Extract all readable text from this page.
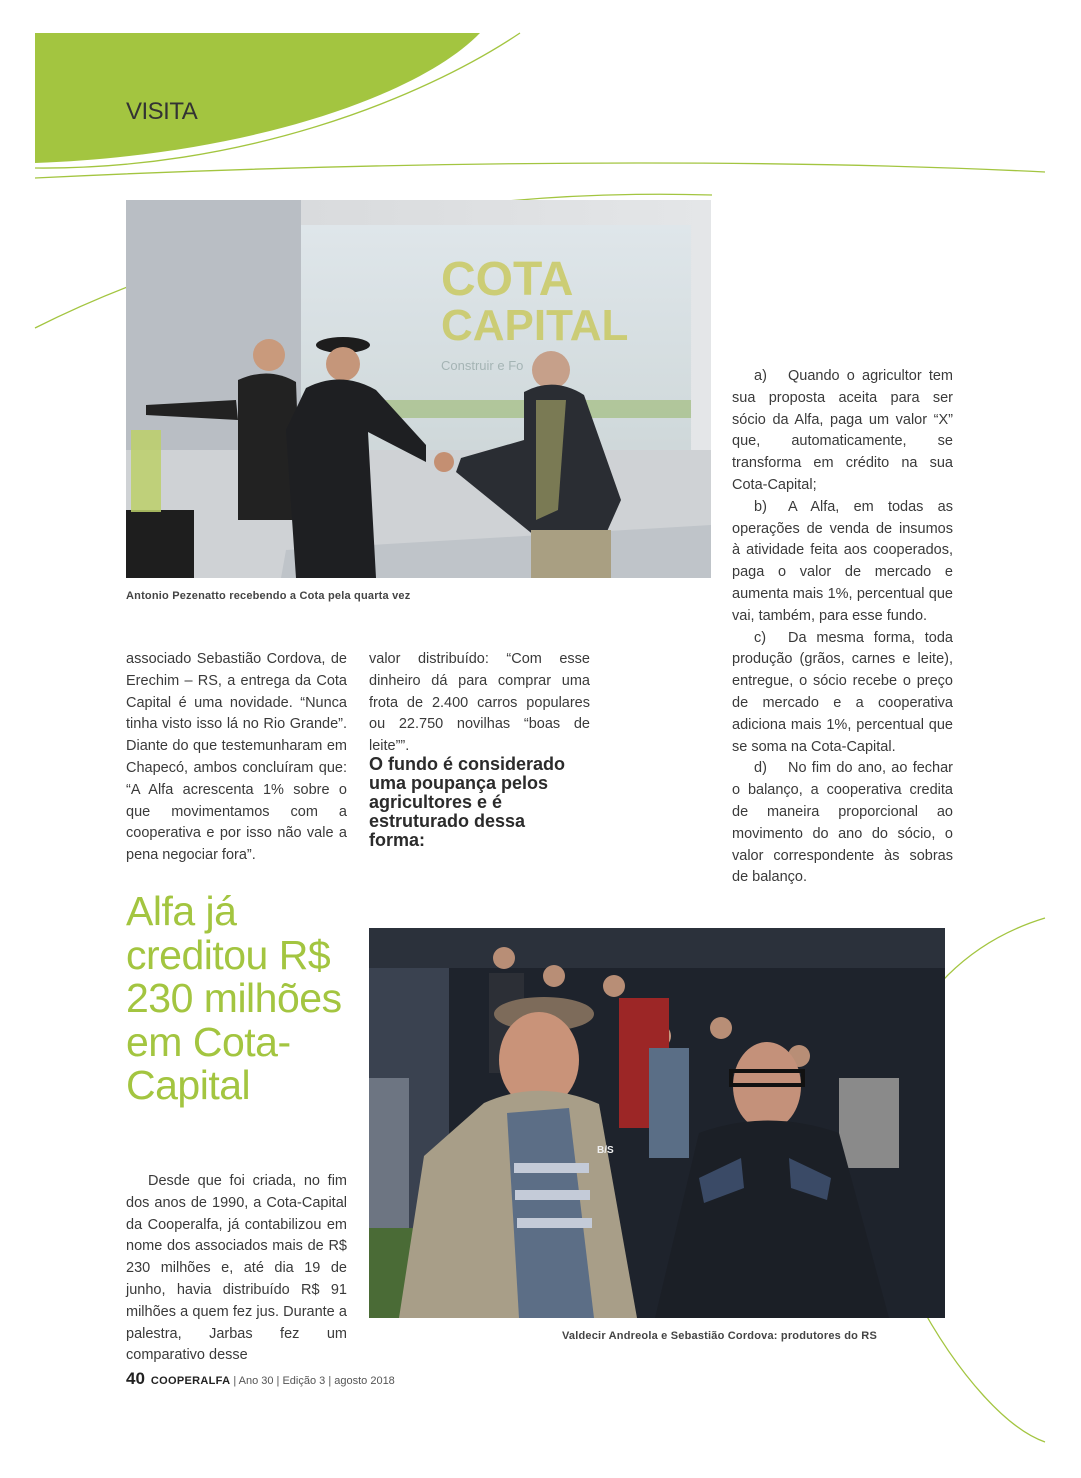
VISITA
COTA
CAPITAL
Construir e Fo
Antonio Pezenatto recebendo a Cota pela quarta vez

associado Sebastião Cordova, de Erechim – RS, a entrega da Cota Capital é uma novidade. “Nunca tinha visto isso lá no Rio Grande”. Diante do que testemunharam em Chapecó, ambos concluíram que: “A Alfa acrescenta 1% sobre o que movimentamos com a cooperativa e por isso não vale a pena negociar fora”.

valor distribuído: “Com esse dinheiro dá para comprar uma frota de 2.400 carros populares ou 22.750 novilhas “boas de leite””.

O fundo é considerado uma poupança pelos agricultores e é estruturado dessa forma:

a) Quando o agricultor tem sua proposta aceita para ser sócio da Alfa, paga um valor “X” que, automaticamente, se transforma em crédito na sua Cota-Capital;

b) A Alfa, em todas as operações de venda de insumos à atividade feita aos cooperados, paga o valor de mercado e aumenta mais 1%, percentual que vai, também, para esse fundo.

c) Da mesma forma, toda produção (grãos, carnes e leite), entregue, o sócio recebe o preço de mercado e a cooperativa adiciona mais 1%, percentual que se soma na Cota-Capital.

d) No fim do ano, ao fechar o balanço, a cooperativa credita de maneira proporcional ao movimento do ano do sócio, o valor correspondente às sobras de balanço.

Alfa já creditou R$ 230 milhões em Cota-Capital

Desde que foi criada, no fim dos anos de 1990, a Cota-Capital da Cooperalfa, já contabilizou em nome dos associados mais de R$ 230 milhões e, até dia 19 de junho, havia distribuído R$ 91 milhões a quem fez jus. Durante a palestra, Jarbas fez um comparativo desse

B/S
Valdecir Andreola e Sebastião Cordova: produtores do RS
40 COOPERALFA | Ano 30 | Edição 3 | agosto 2018
